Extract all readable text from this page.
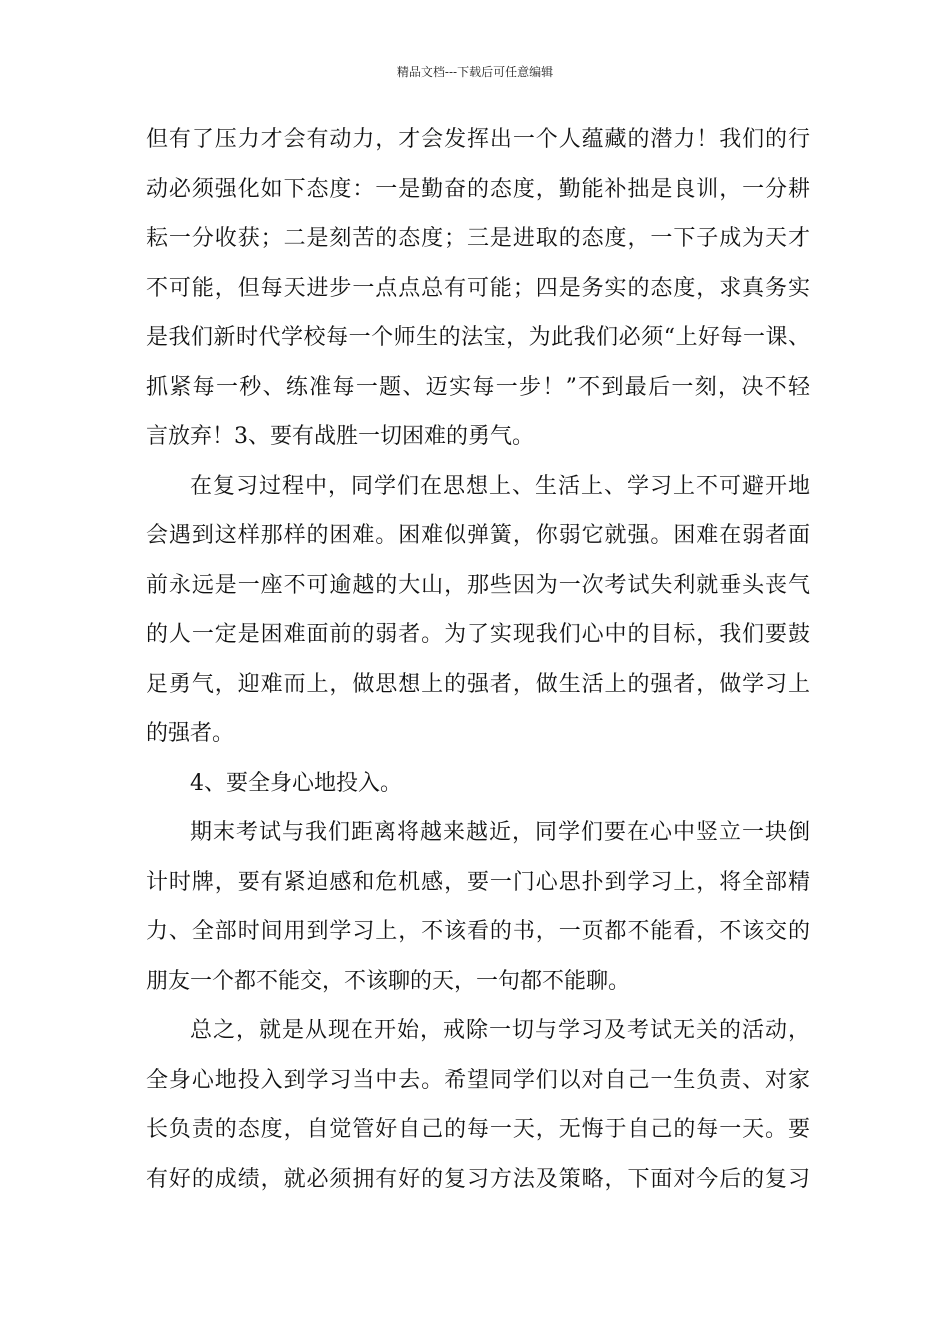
精品文档---下载后可任意编辑
但有了压力才会有动力，才会发挥出一个人蕴藏的潜力！我们的行
动必须强化如下态度：一是勤奋的态度，勤能补拙是良训，一分耕
耘一分收获；二是刻苦的态度；三是进取的态度，一下子成为天才
不可能，但每天进步一点点总有可能；四是务实的态度，求真务实
是我们新时代学校每一个师生的法宝，为此我们必须“上好每一课、
抓紧每一秒、练准每一题、迈实每一步！”不到最后一刻，决不轻
言放弃！3、要有战胜一切困难的勇气。
在复习过程中，同学们在思想上、生活上、学习上不可避开地
会遇到这样那样的困难。困难似弹簧，你弱它就强。困难在弱者面
前永远是一座不可逾越的大山，那些因为一次考试失利就垂头丧气
的人一定是困难面前的弱者。为了实现我们心中的目标，我们要鼓
足勇气，迎难而上，做思想上的强者，做生活上的强者，做学习上
的强者。
4、要全身心地投入。
期末考试与我们距离将越来越近，同学们要在心中竖立一块倒
计时牌，要有紧迫感和危机感，要一门心思扑到学习上，将全部精
力、全部时间用到学习上，不该看的书，一页都不能看，不该交的
朋友一个都不能交，不该聊的天，一句都不能聊。
总之，就是从现在开始，戒除一切与学习及考试无关的活动，
全身心地投入到学习当中去。希望同学们以对自己一生负责、对家
长负责的态度，自觉管好自己的每一天，无悔于自己的每一天。要
有好的成绩，就必须拥有好的复习方法及策略，下面对今后的复习
